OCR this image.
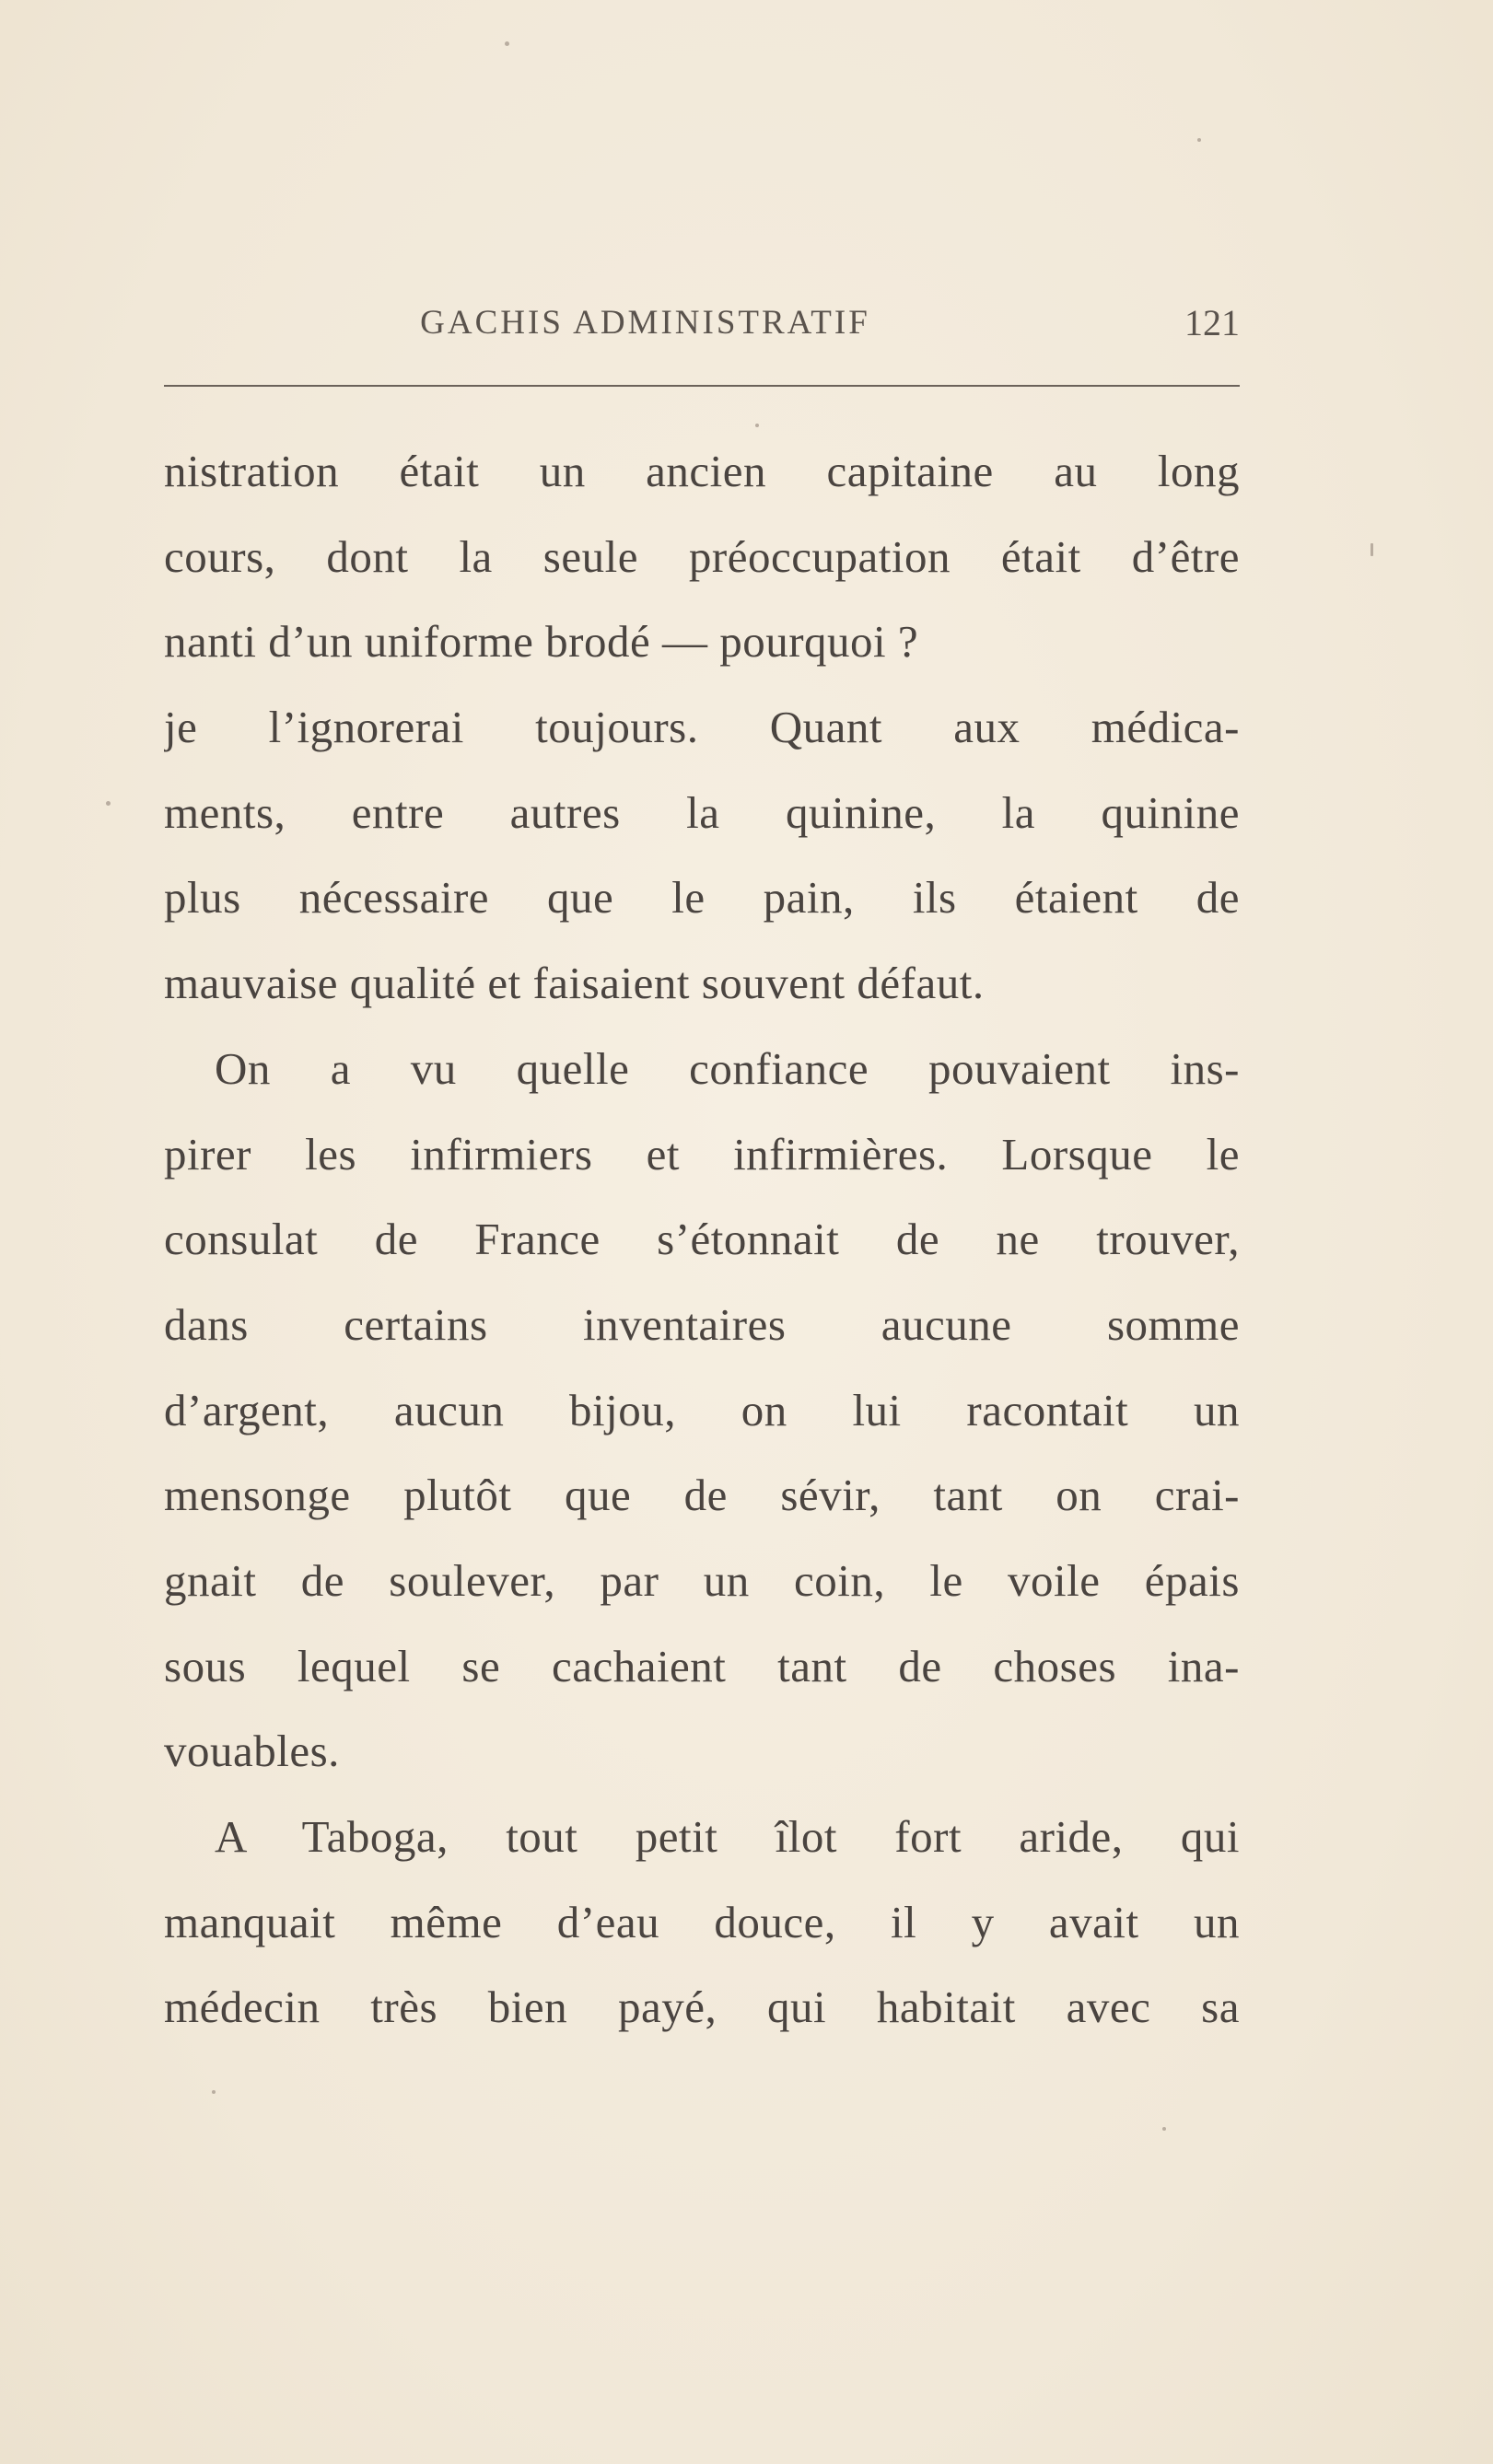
GACHIS ADMINISTRATIF	121
nistration était un ancien capitaine au long
cours, dont la seule préoccupation était d’être
nanti d’un uniforme brodé — pourquoi ?
je l’ignorerai toujours. Quant aux médica-
ments, entre autres la quinine, la quinine
plus nécessaire que le pain, ils étaient de
mauvaise qualité et faisaient souvent défaut.
On a vu quelle confiance pouvaient ins-
pirer les infirmiers et infirmières. Lorsque le
consulat de France s’étonnait de ne trouver,
dans certains inventaires aucune somme
d’argent, aucun bijou, on lui racontait un
mensonge plutôt que de sévir, tant on crai-
gnait de soulever, par un coin, le voile épais
sous lequel se cachaient tant de choses ina-
vouables.
A Taboga, tout petit îlot fort aride, qui
manquait même d’eau douce, il y avait un
médecin très bien payé, qui habitait avec sa
